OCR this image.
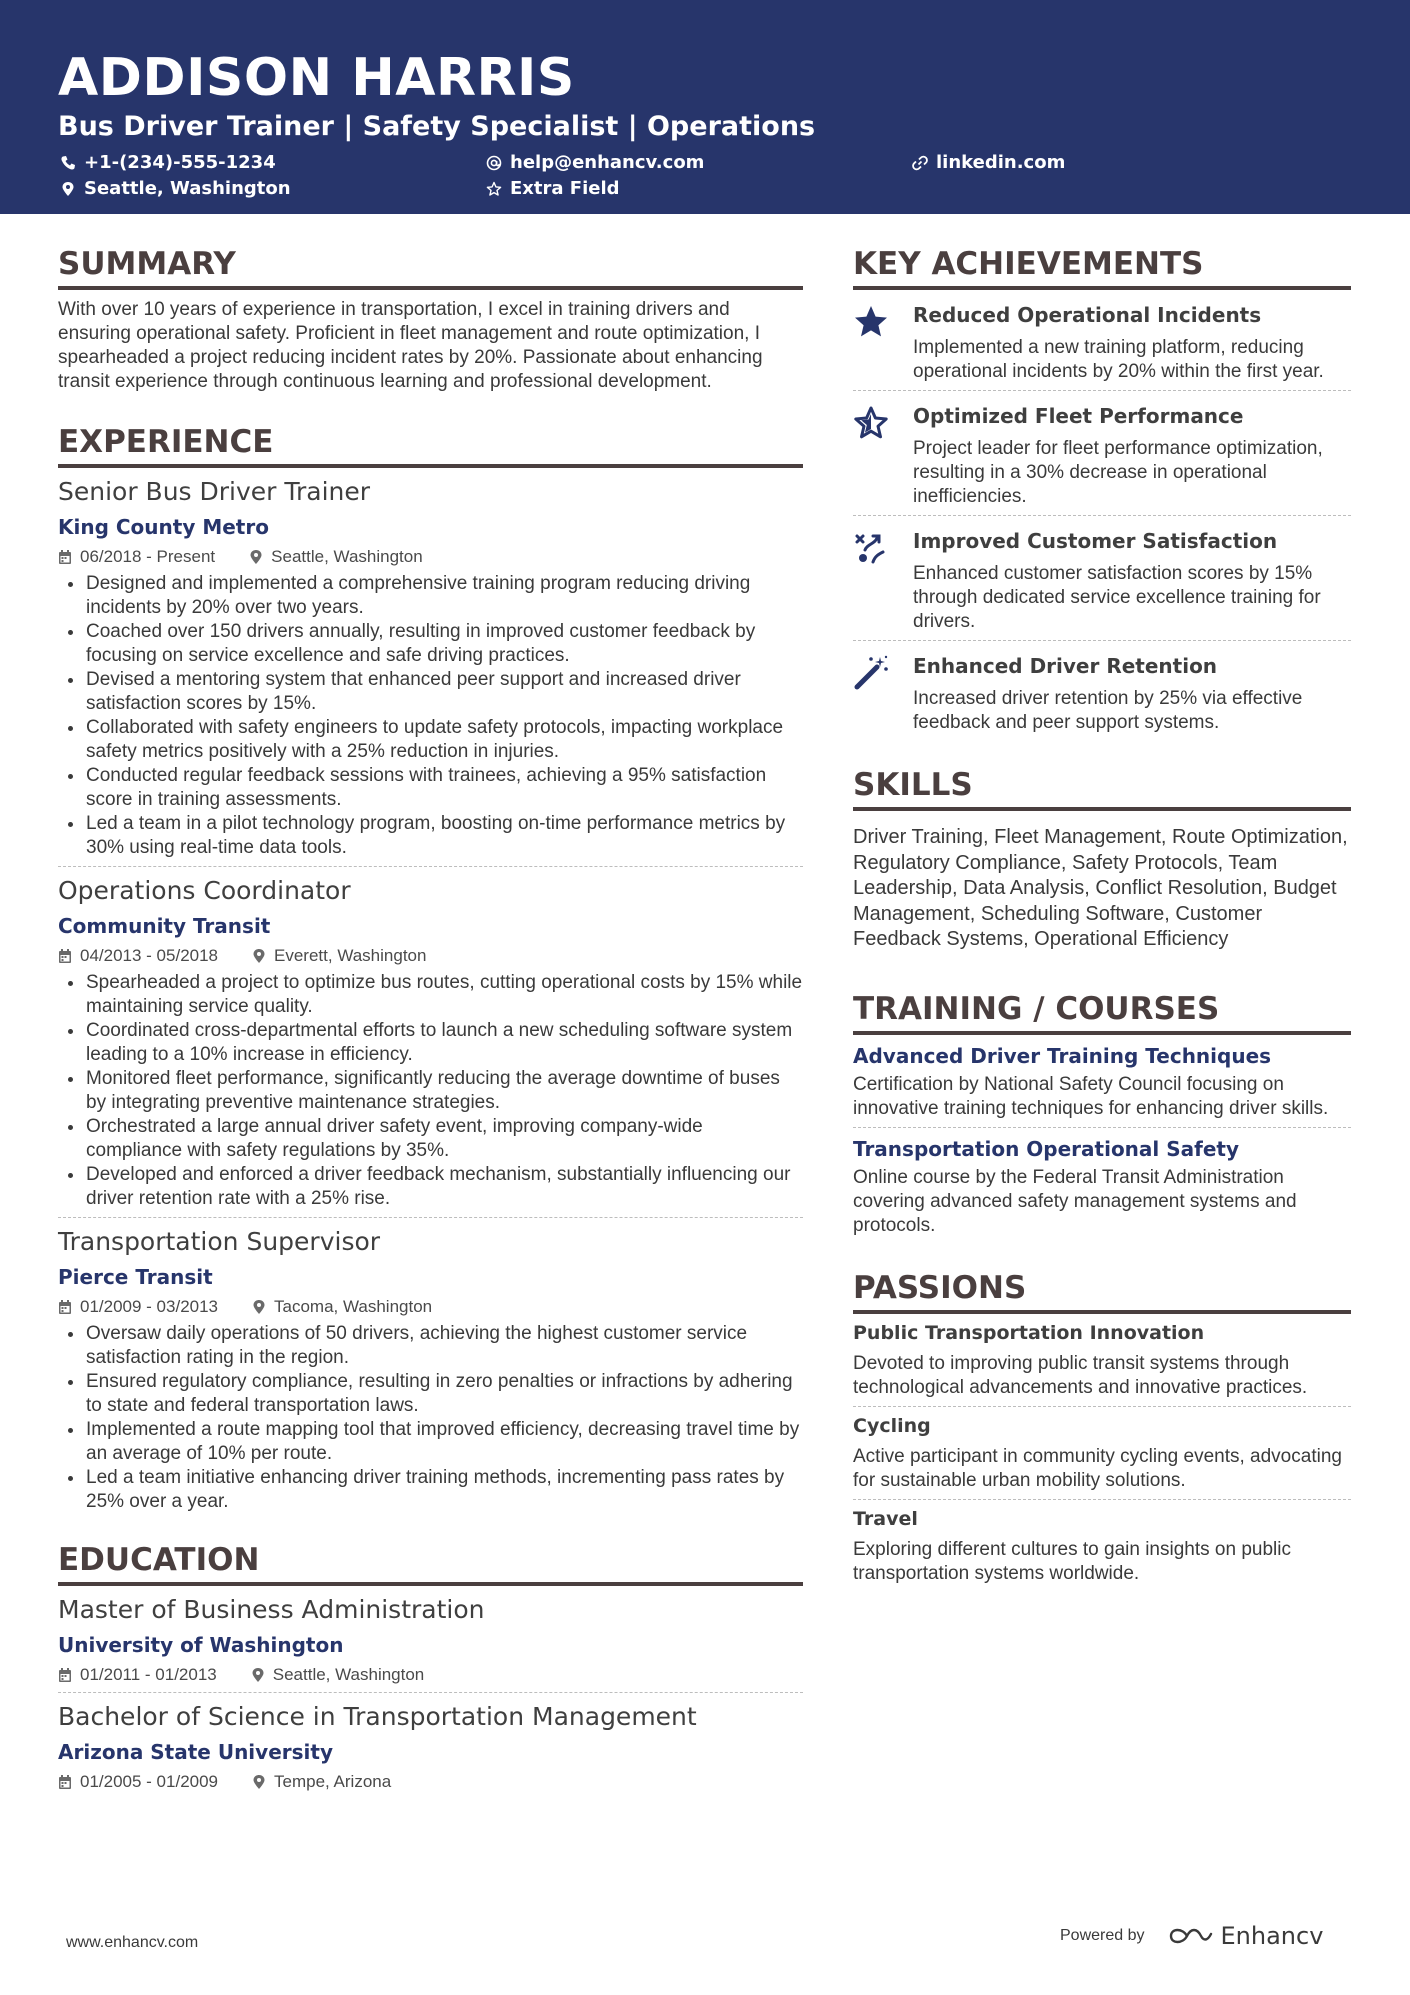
ADDISON HARRIS
Bus Driver Trainer | Safety Specialist | Operations
+1-(234)-555-1234	help@enhancv.com	linkedin.com
Seattle, Washington	Extra Field
SUMMARY
With over 10 years of experience in transportation, I excel in training drivers and ensuring operational safety. Proficient in fleet management and route optimization, I spearheaded a project reducing incident rates by 20%. Passionate about enhancing transit experience through continuous learning and professional development.
EXPERIENCE
Senior Bus Driver Trainer
King County Metro
06/2018 - Present	Seattle, Washington
Designed and implemented a comprehensive training program reducing driving incidents by 20% over two years.
Coached over 150 drivers annually, resulting in improved customer feedback by focusing on service excellence and safe driving practices.
Devised a mentoring system that enhanced peer support and increased driver satisfaction scores by 15%.
Collaborated with safety engineers to update safety protocols, impacting workplace safety metrics positively with a 25% reduction in injuries.
Conducted regular feedback sessions with trainees, achieving a 95% satisfaction score in training assessments.
Led a team in a pilot technology program, boosting on-time performance metrics by 30% using real-time data tools.
Operations Coordinator
Community Transit
04/2013 - 05/2018	Everett, Washington
Spearheaded a project to optimize bus routes, cutting operational costs by 15% while maintaining service quality.
Coordinated cross-departmental efforts to launch a new scheduling software system leading to a 10% increase in efficiency.
Monitored fleet performance, significantly reducing the average downtime of buses by integrating preventive maintenance strategies.
Orchestrated a large annual driver safety event, improving company-wide compliance with safety regulations by 35%.
Developed and enforced a driver feedback mechanism, substantially influencing our driver retention rate with a 25% rise.
Transportation Supervisor
Pierce Transit
01/2009 - 03/2013	Tacoma, Washington
Oversaw daily operations of 50 drivers, achieving the highest customer service satisfaction rating in the region.
Ensured regulatory compliance, resulting in zero penalties or infractions by adhering to state and federal transportation laws.
Implemented a route mapping tool that improved efficiency, decreasing travel time by an average of 10% per route.
Led a team initiative enhancing driver training methods, incrementing pass rates by 25% over a year.
EDUCATION
Master of Business Administration
University of Washington
01/2011 - 01/2013	Seattle, Washington
Bachelor of Science in Transportation Management
Arizona State University
01/2005 - 01/2009	Tempe, Arizona
KEY ACHIEVEMENTS
Reduced Operational Incidents
Implemented a new training platform, reducing operational incidents by 20% within the first year.
Optimized Fleet Performance
Project leader for fleet performance optimization, resulting in a 30% decrease in operational inefficiencies.
Improved Customer Satisfaction
Enhanced customer satisfaction scores by 15% through dedicated service excellence training for drivers.
Enhanced Driver Retention
Increased driver retention by 25% via effective feedback and peer support systems.
SKILLS
Driver Training, Fleet Management, Route Optimization, Regulatory Compliance, Safety Protocols, Team Leadership, Data Analysis, Conflict Resolution, Budget Management, Scheduling Software, Customer Feedback Systems, Operational Efficiency
TRAINING / COURSES
Advanced Driver Training Techniques
Certification by National Safety Council focusing on innovative training techniques for enhancing driver skills.
Transportation Operational Safety
Online course by the Federal Transit Administration covering advanced safety management systems and protocols.
PASSIONS
Public Transportation Innovation
Devoted to improving public transit systems through technological advancements and innovative practices.
Cycling
Active participant in community cycling events, advocating for sustainable urban mobility solutions.
Travel
Exploring different cultures to gain insights on public transportation systems worldwide.
www.enhancv.com	Powered by	Enhancv
